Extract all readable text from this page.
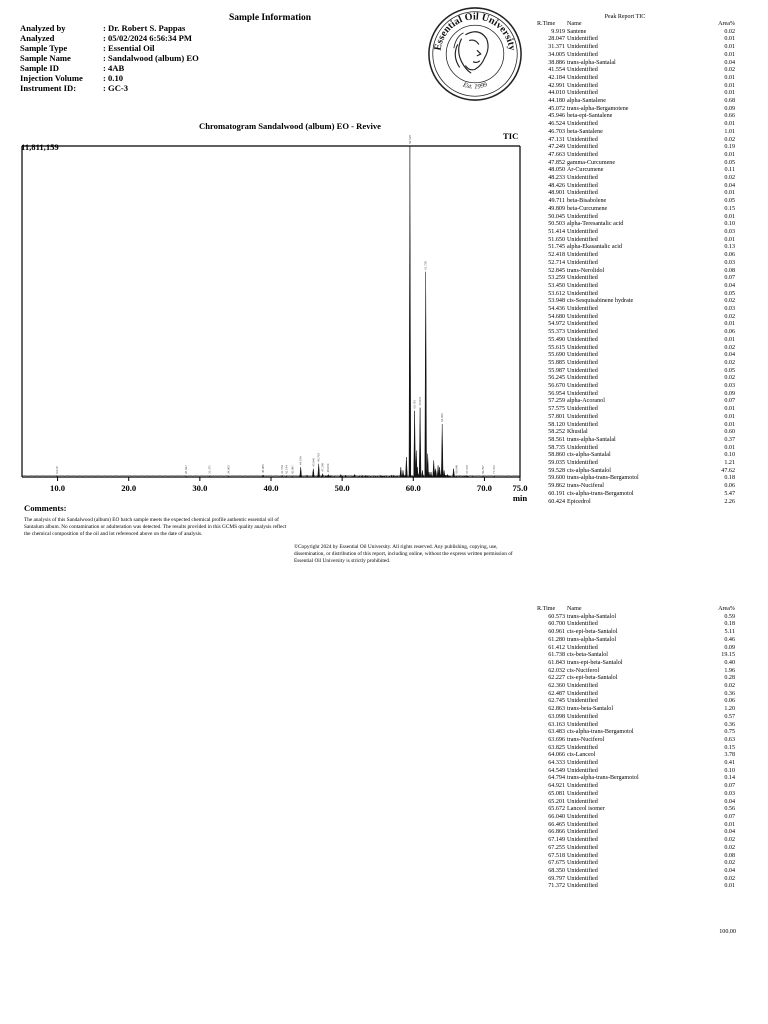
Sample Information
Analyzed by	: Dr. Robert S. Pappas
Analyzed	: 05/02/2024 6:56:34 PM
Sample Type	: Essential Oil
Sample Name	: Sandalwood (album) EO
Sample ID	: 4AB
Injection Volume	: 0.10
Instrument ID:	: GC-3
Essential Oil University
Est. 1999
Chromatogram Sandalwood (album) EO - Revive
TIC
11,811,159
9.919	28.047	31.371	34.005	38.886	41.554 42.184 42.991
44.180	45.946
46.703
47.249 48.050
59.528
60.191 60.961
61.738
64.066
66.040 67.518	69.797 71.372
10.0	20.0	30.0	40.0	50.0	60.0	70.0 75.0
min
Comments:
The analysis of this Sandalwood (album) EO batch sample meets the expected chemical profile authentic essential oil of Santalum album. No contamination or adulteration was detected. The results provided in this GCMS quality analysis reflect the chemical composition of the oil and lot referenced above on the date of analysis.
©Copyright 2024 by Essential Oil University. All rights reserved. Any publishing, copying, use, dissemination, or distribution of this report, including online, without the express written permission of Essential Oil University is strictly prohibited.
Peak Report TIC
R.Time	Name	Area%
9.919	Santene	0.02
28.047	Unidentified	0.01
31.371	Unidentified	0.01
34.005	Unidentified	0.01
38.886	trans-alpha-Santalal	0.04
41.554	Unidentified	0.02
42.184	Unidentified	0.01
42.991	Unidentified	0.01
44.010	Unidentified	0.01
44.180	alpha-Santalene	0.68
45.072	trans-alpha-Bergamotene	0.09
45.946	beta-epi-Santalene	0.66
46.524	Unidentified	0.01
46.703	beta-Santalene	1.01
47.131	Unidentified	0.02
47.249	Unidentified	0.19
47.663	Unidentified	0.01
47.852	gamma-Curcumene	0.05
48.050	Ar-Curcumene	0.11
48.233	Unidentified	0.02
48.426	Unidentified	0.04
48.901	Unidentified	0.01
49.711	beta-Bisabolene	0.05
49.809	beta-Curcumene	0.15
50.045	Unidentified	0.01
50.503	alpha-Teresantalic acid	0.10
51.414	Unidentified	0.03
51.650	Unidentified	0.01
51.745	alpha-Ekasantalic acid	0.13
52.418	Unidentified	0.06
52.714	Unidentified	0.03
52.845	trans-Nerolidol	0.08
53.259	Unidentified	0.07
53.450	Unidentified	0.04
53.612	Unidentified	0.05
53.948	cis-Sesquisabinene hydrate	0.02
54.436	Unidentified	0.03
54.680	Unidentified	0.02
54.972	Unidentified	0.01
55.373	Unidentified	0.06
55.490	Unidentified	0.01
55.615	Unidentified	0.02
55.690	Unidentified	0.04
55.885	Unidentified	0.02
55.987	Unidentified	0.05
56.245	Unidentified	0.02
56.670	Unidentified	0.03
56.954	Unidentified	0.09
57.259	alpha-Acoranol	0.07
57.575	Unidentified	0.01
57.801	Unidentified	0.01
58.120	Unidentified	0.01
58.252	Khusilal	0.60
58.561	trans-alpha-Santalal	0.37
58.735	Unidentified	0.01
58.860	cis-alpha-Santalal	0.10
59.035	Unidentified	1.21
59.528	cis-alpha-Santalol	47.62
59.600	trans-alpha-trans-Bergamotol	0.18
59.862	trans-Nuciferal	0.06
60.191	cis-alpha-trans-Bergamotol	5.47
60.424	Epicedrol	2.26
R.Time	Name	Area%
60.573	trans-alpha-Santalol	0.59
60.700	Unidentified	0.18
60.961	cis-epi-beta-Santalol	5.11
61.280	trans-alpha-Santalol	0.46
61.412	Unidentified	0.09
61.738	cis-beta-Santalol	19.15
61.843	trans-epi-beta-Santalol	0.40
62.032	cis-Nuciferol	1.96
62.227	cis-epi-beta-Santalol	0.28
62.360	Unidentified	0.02
62.487	Unidentified	0.36
62.745	Unidentified	0.06
62.863	trans-beta-Santalol	1.20
63.098	Unidentified	0.57
63.163	Unidentified	0.36
63.483	cis-alpha-trans-Bergamotol	0.75
63.696	trans-Nuciferol	0.63
63.825	Unidentified	0.15
64.066	cis-Lanceol	3.78
64.333	Unidentified	0.41
64.549	Unidentified	0.10
64.794	trans-alpha-trans-Bergamotol	0.14
64.921	Unidentified	0.07
65.081	Unidentified	0.03
65.201	Unidentified	0.04
65.672	Lanceol isomer	0.56
66.040	Unidentified	0.07
66.465	Unidentified	0.01
66.866	Unidentified	0.04
67.149	Unidentified	0.02
67.255	Unidentified	0.02
67.518	Unidentified	0.08
67.675	Unidentified	0.02
68.350	Unidentified	0.04
69.797	Unidentified	0.02
71.372	Unidentified	0.01
100.00
